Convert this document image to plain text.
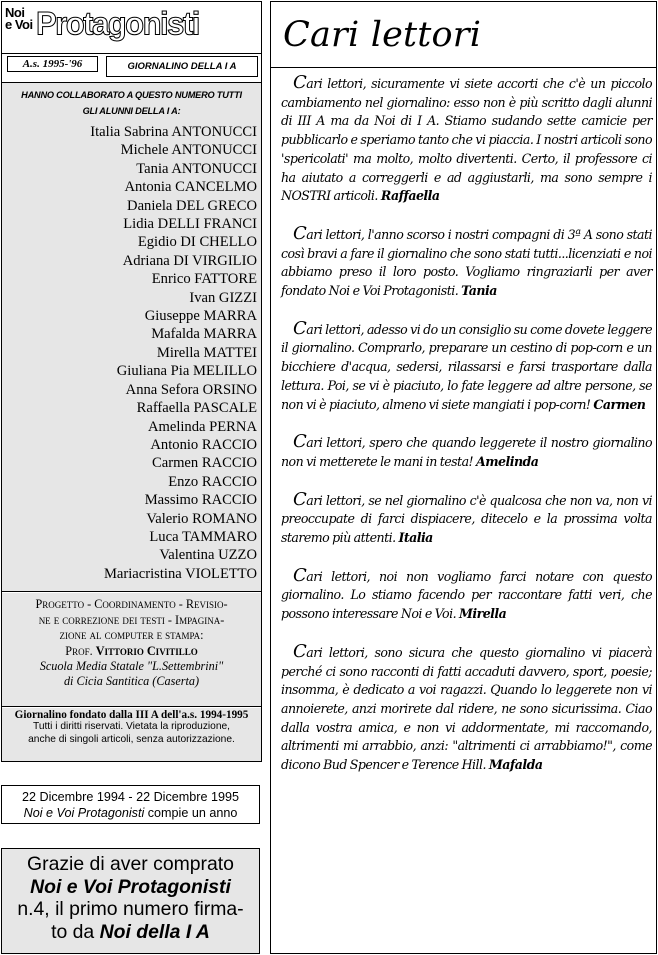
Noi
e Voi Protagonisti
A.s. 1995-'96	GIORNALINO DELLA I A
HANNO COLLABORATO A QUESTO NUMERO TUTTI
GLI ALUNNI DELLA I A:
Italia Sabrina ANTONUCCI
Michele ANTONUCCI
Tania ANTONUCCI
Antonia CANCELMO
Daniela DEL GRECO
Lidia DELLI FRANCI
Egidio DI CHELLO
Adriana DI VIRGILIO
Enrico FATTORE
Ivan GIZZI
Giuseppe MARRA
Mafalda MARRA
Mirella MATTEI
Giuliana Pia MELILLO
Anna Sefora ORSINO
Raffaella PASCALE
Amelinda PERNA
Antonio RACCIO
Carmen RACCIO
Enzo RACCIO
Massimo RACCIO
Valerio ROMANO
Luca TAMMARO
Valentina UZZO
Mariacristina VIOLETTO
Progetto - Coordinamento - Revisio-
ne e correzione dei testi - Impagina-
zione al computer e stampa:
Prof. Vittorio Civitillo
Scuola Media Statale "L.Settembrini"
di Cicia Santitica (Caserta)
Giornalino fondato dalla III A dell'a.s. 1994-1995
Tutti i diritti riservati. Vietata la riproduzione,
anche di singoli articoli, senza autorizzazione.
22 Dicembre 1994 - 22 Dicembre 1995
Noi e Voi Protagonisti compie un anno
Grazie di aver comprato
Noi e Voi Protagonisti
n.4, il primo numero firma-
to da Noi della I A
Cari lettori
Cari lettori, sicuramente vi siete accorti che c'è un piccolo cambiamento nel giornalino: esso non è più scritto dagli alunni di III A ma da Noi di I A. Stiamo sudando sette camicie per pubblicarlo e speriamo tanto che vi piaccia. I nostri articoli sono 'spericolati' ma molto, molto divertenti. Certo, il professore ci ha aiutato a correggerli e ad aggiustarli, ma sono sempre i NOSTRI articoli. Raffaella
Cari lettori, l'anno scorso i nostri compagni di 3ª A sono stati così bravi a fare il giornalino che sono stati tutti...licenziati e noi abbiamo preso il loro posto. Vogliamo ringraziarli per aver fondato Noi e Voi Protagonisti. Tania
Cari lettori, adesso vi do un consiglio su come dovete leggere il giornalino. Comprarlo, preparare un cestino di pop-corn e un bicchiere d'acqua, sedersi, rilassarsi e farsi trasportare dalla lettura. Poi, se vi è piaciuto, lo fate leggere ad altre persone, se non vi è piaciuto, almeno vi siete mangiati i pop-corn! Carmen
Cari lettori, spero che quando leggerete il nostro giornalino non vi metterete le mani in testa! Amelinda
Cari lettori, se nel giornalino c'è qualcosa che non va, non vi preoccupate di farci dispiacere, ditecelo e la prossima volta staremo più attenti. Italia
Cari lettori, noi non vogliamo farci notare con questo giornalino. Lo stiamo facendo per raccontare fatti veri, che possono interessare Noi e Voi. Mirella
Cari lettori, sono sicura che questo giornalino vi piacerà perché ci sono racconti di fatti accaduti davvero, sport, poesie; insomma, è dedicato a voi ragazzi. Quando lo leggerete non vi annoierete, anzi morirete dal ridere, ne sono sicurissima. Ciao dalla vostra amica, e non vi addormentate, mi raccomando, altrimenti mi arrabbio, anzi: "altrimenti ci arrabbiamo!", come dicono Bud Spencer e Terence Hill. Mafalda
